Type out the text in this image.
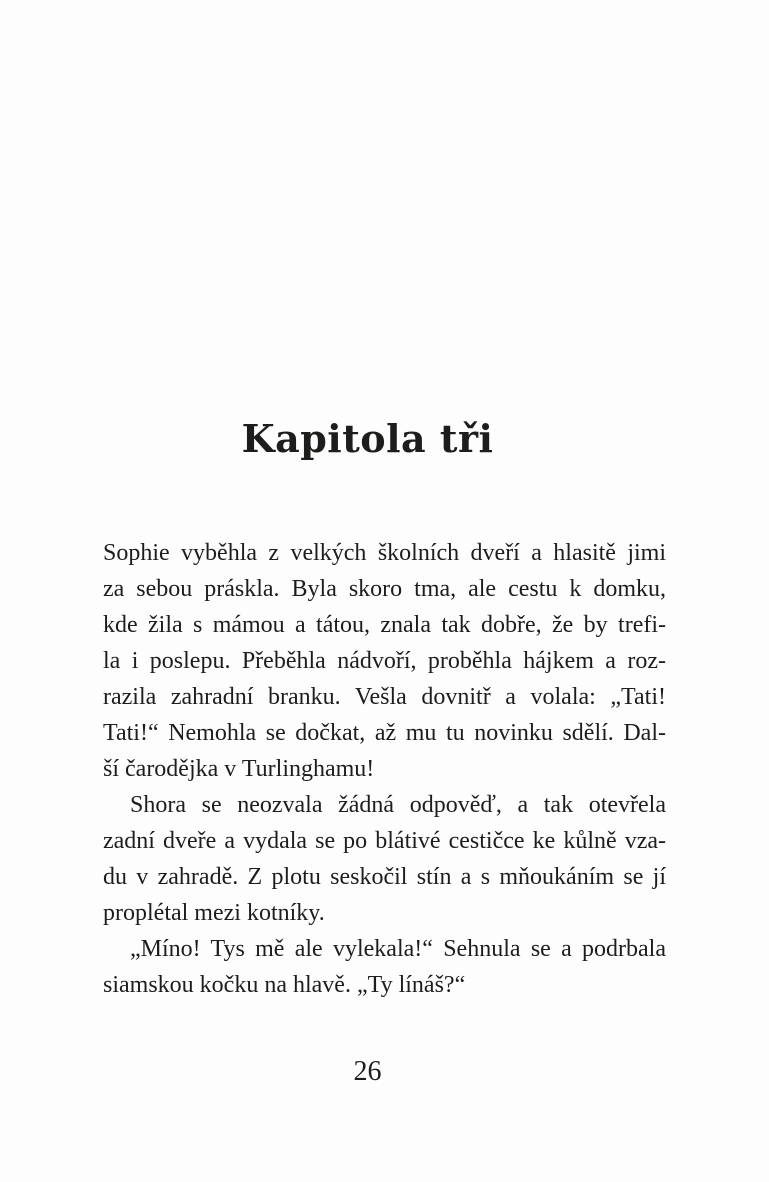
Kapitola tři
Sophie vyběhla z velkých školních dveří a hlasitě jimi
za sebou práskla. Byla skoro tma, ale cestu k domku,
kde žila s mámou a tátou, znala tak dobře, že by trefi-
la i poslepu. Přeběhla nádvoří, proběhla hájkem a roz-
razila zahradní branku. Vešla dovnitř a volala: „Tati!
Tati!“ Nemohla se dočkat, až mu tu novinku sdělí. Dal-
ší čarodějka v Turlinghamu!
Shora se neozvala žádná odpověď, a tak otevřela
zadní dveře a vydala se po blátivé cestičce ke kůlně vza-
du v zahradě. Z plotu seskočil stín a s mňoukáním se jí
proplétal mezi kotníky.
„Míno! Tys mě ale vylekala!“ Sehnula se a podrbala
siamskou kočku na hlavě. „Ty línáš?“
26
